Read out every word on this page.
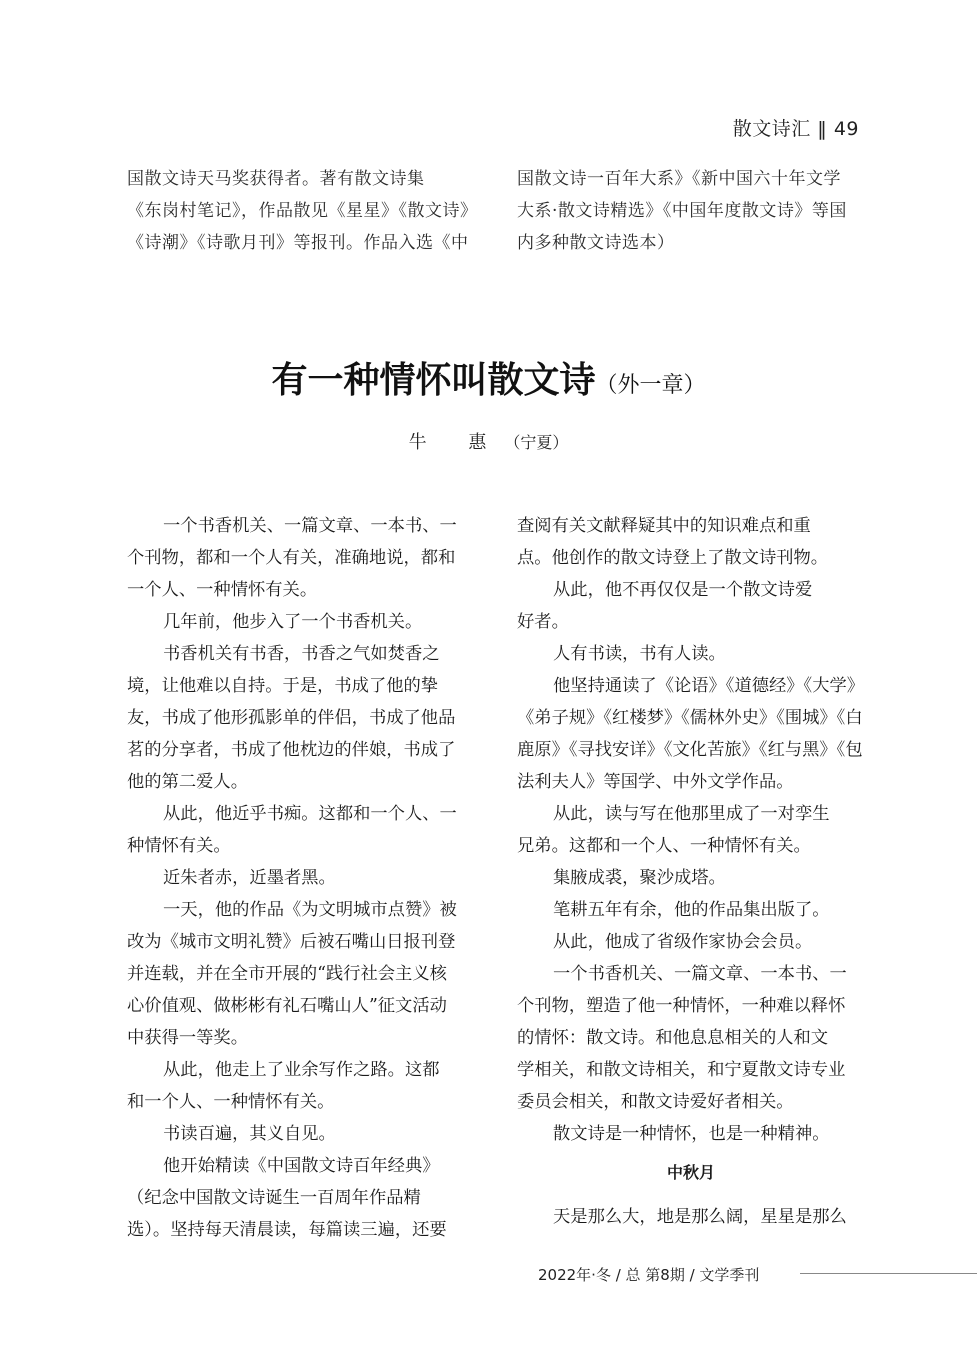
散文诗汇 ‖ 49
国散文诗天马奖获得者。著有散文诗集
《东岗村笔记》，作品散见《星星》《散文诗》
《诗潮》《诗歌月刊》等报刊。作品入选《中
国散文诗一百年大系》《新中国六十年文学
大系·散文诗精选》《中国年度散文诗》等国
内多种散文诗选本）
有一种情怀叫散文诗（外一章）
牛 惠（宁夏）
一个书香机关、一篇文章、一本书、一
个刊物，都和一个人有关，准确地说，都和
一个人、一种情怀有关。
几年前，他步入了一个书香机关。
书香机关有书香，书香之气如焚香之
境，让他难以自持。于是，书成了他的挚
友，书成了他形孤影单的伴侣，书成了他品
茗的分享者，书成了他枕边的伴娘，书成了
他的第二爱人。
从此，他近乎书痴。这都和一个人、一
种情怀有关。
近朱者赤，近墨者黑。
一天，他的作品《为文明城市点赞》被
改为《城市文明礼赞》后被石嘴山日报刊登
并连载，并在全市开展的“践行社会主义核
心价值观、做彬彬有礼石嘴山人”征文活动
中获得一等奖。
从此，他走上了业余写作之路。这都
和一个人、一种情怀有关。
书读百遍，其义自见。
他开始精读《中国散文诗百年经典》
（纪念中国散文诗诞生一百周年作品精
选）。坚持每天清晨读，每篇读三遍，还要
查阅有关文献释疑其中的知识难点和重
点。他创作的散文诗登上了散文诗刊物。
从此，他不再仅仅是一个散文诗爱
好者。
人有书读，书有人读。
他坚持通读了《论语》《道德经》《大学》
《弟子规》《红楼梦》《儒林外史》《围城》《白
鹿原》《寻找安详》《文化苦旅》《红与黑》《包
法利夫人》等国学、中外文学作品。
从此，读与写在他那里成了一对孪生
兄弟。这都和一个人、一种情怀有关。
集腋成裘，聚沙成塔。
笔耕五年有余，他的作品集出版了。
从此，他成了省级作家协会会员。
一个书香机关、一篇文章、一本书、一
个刊物，塑造了他一种情怀，一种难以释怀
的情怀：散文诗。和他息息相关的人和文
学相关，和散文诗相关，和宁夏散文诗专业
委员会相关，和散文诗爱好者相关。
散文诗是一种情怀，也是一种精神。
中秋月
天是那么大，地是那么阔，星星是那么
2022年·冬 / 总 第8期 / 文学季刊
